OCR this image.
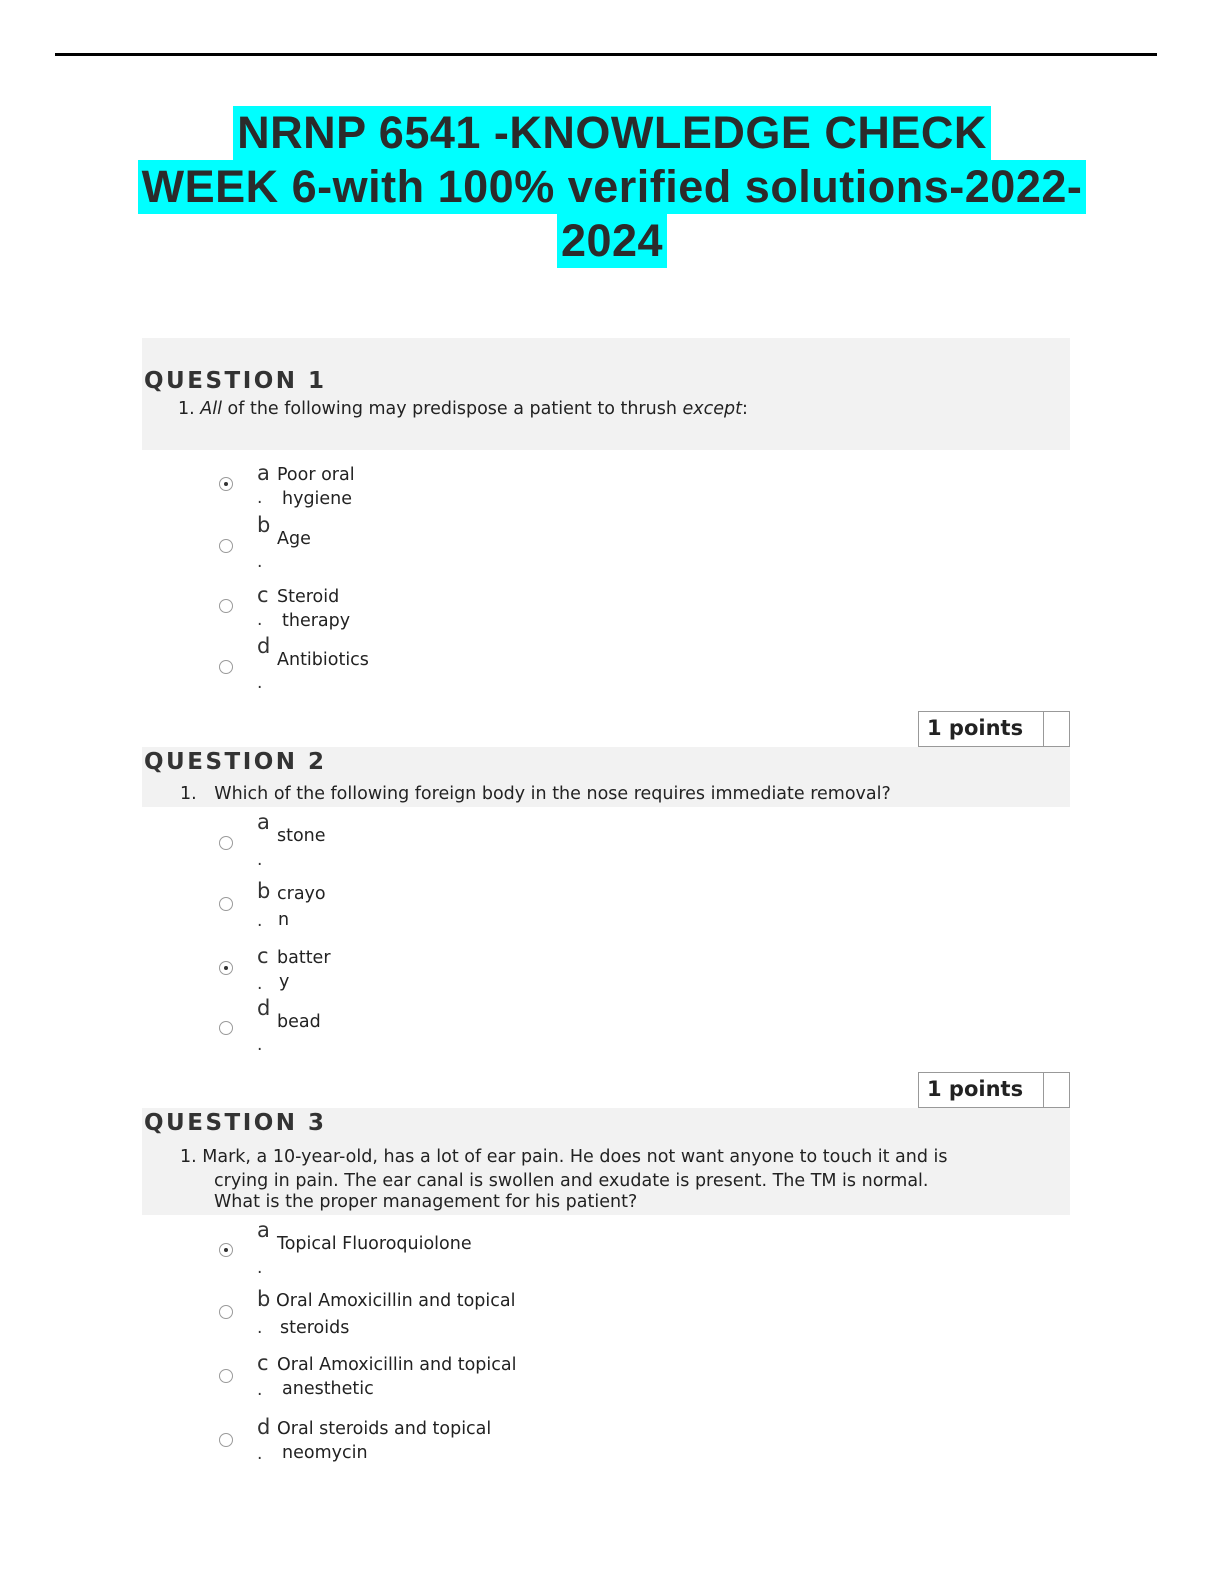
NRNP 6541 -KNOWLEDGE CHECK
WEEK 6-with 100% verified solutions-2022-
2024
QUESTION 1
1. All of the following may predispose a patient to thrush except:
a
.
Poor oral
hygiene
b
.
Age
c
.
Steroid
therapy
d
.
Antibiotics
1 points
QUESTION 2
1. Which of the following foreign body in the nose requires immediate removal?
a
.
stone
b
.
crayo
n
c
.
batter
y
d
.
bead
1 points
QUESTION 3
1. Mark, a 10-year-old, has a lot of ear pain. He does not want anyone to touch it and is
crying in pain. The ear canal is swollen and exudate is present. The TM is normal.
What is the proper management for his patient?
a
.
Topical Fluoroquiolone
b
.
Oral Amoxicillin and topical
steroids
c
.
Oral Amoxicillin and topical
anesthetic
d
.
Oral steroids and topical
neomycin
